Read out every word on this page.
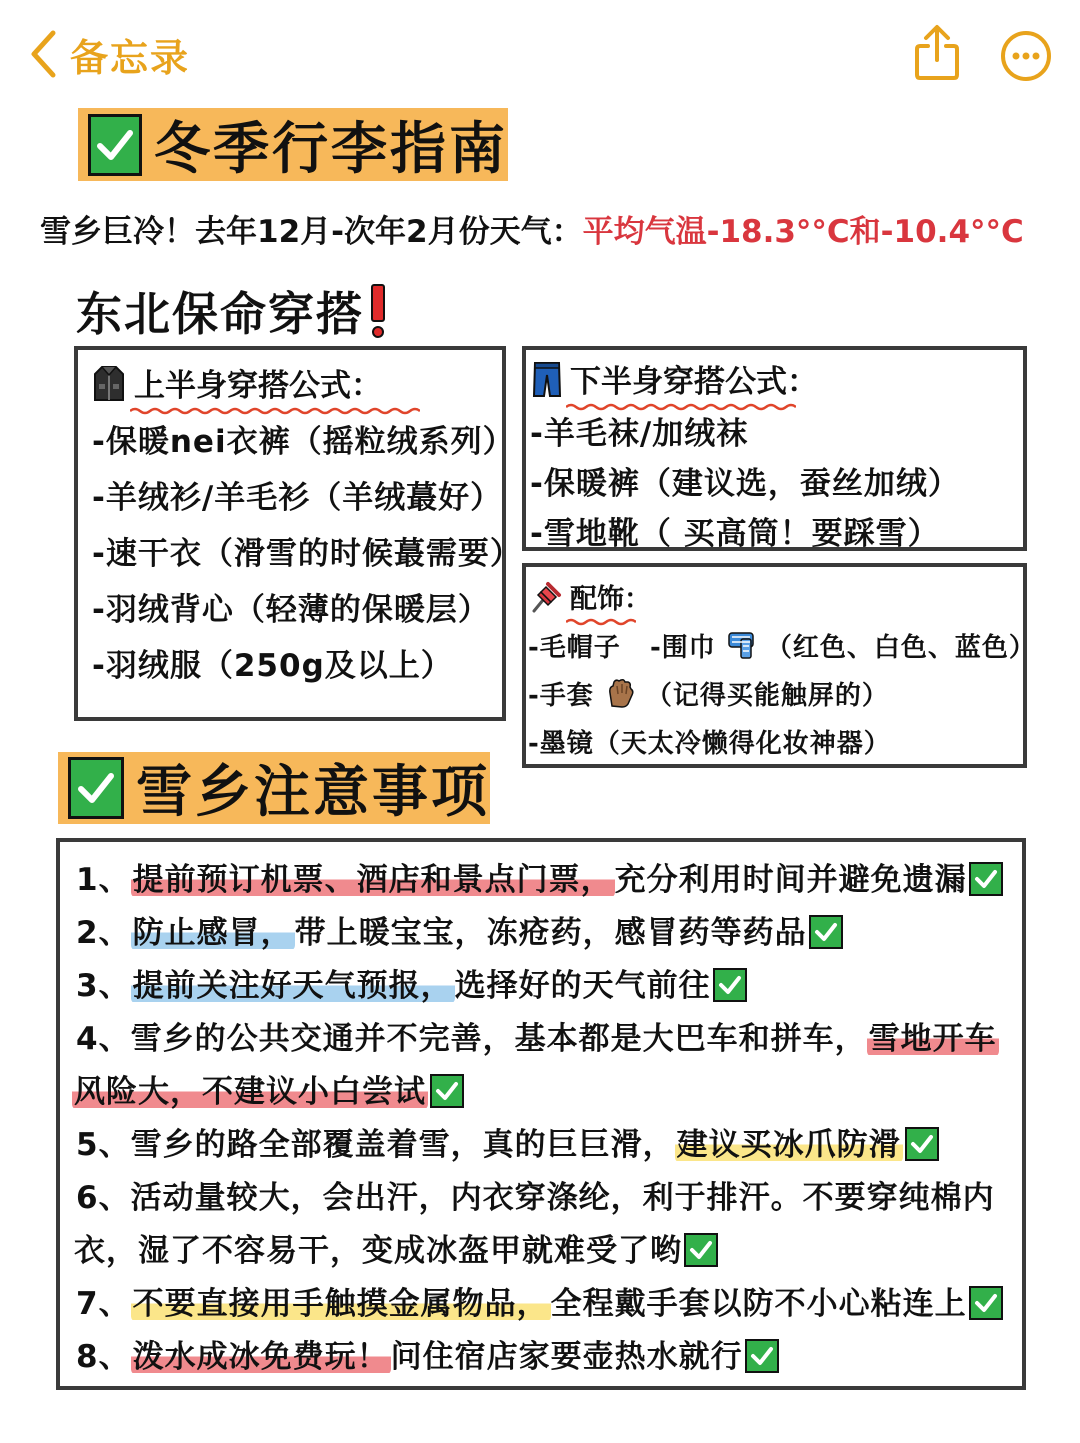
备忘录
冬季行李指南
雪乡巨冷！去年12月-次年2月份天气：平均气温-18.3°°C和-10.4°°C
东北保命穿搭
上半身穿搭公式：
-保暖nei衣裤（摇粒绒系列）
-羊绒衫/羊毛衫（羊绒蕞好）
-速干衣（滑雪的时候蕞需要）
-羽绒背心（轻薄的保暖层）
-羽绒服（250g及以上）
下半身穿搭公式：
-羊毛袜/加绒袜
-保暖裤（建议选，蚕丝加绒）
-雪地靴（ 买高筒！要踩雪）
配饰：
-毛帽子 -围巾 （红色、白色、蓝色）
-手套 （记得买能触屏的）
-墨镜（天太冷懒得化妆神器）
雪乡注意事项
1、提前预订机票、酒店和景点门票，充分利用时间并避免遗漏
2、防止感冒，带上暖宝宝，冻疮药，感冒药等药品
3、提前关注好天气预报，选择好的天气前往
4、雪乡的公共交通并不完善，基本都是大巴车和拼车，雪地开车
风险大，不建议小白尝试
5、雪乡的路全部覆盖着雪，真的巨巨滑，建议买冰爪防滑
6、活动量较大，会出汗，内衣穿涤纶，利于排汗。不要穿纯棉内
衣，湿了不容易干，变成冰盔甲就难受了哟
7、不要直接用手触摸金属物品，全程戴手套以防不小心粘连上
8、泼水成冰免费玩！问住宿店家要壶热水就行
